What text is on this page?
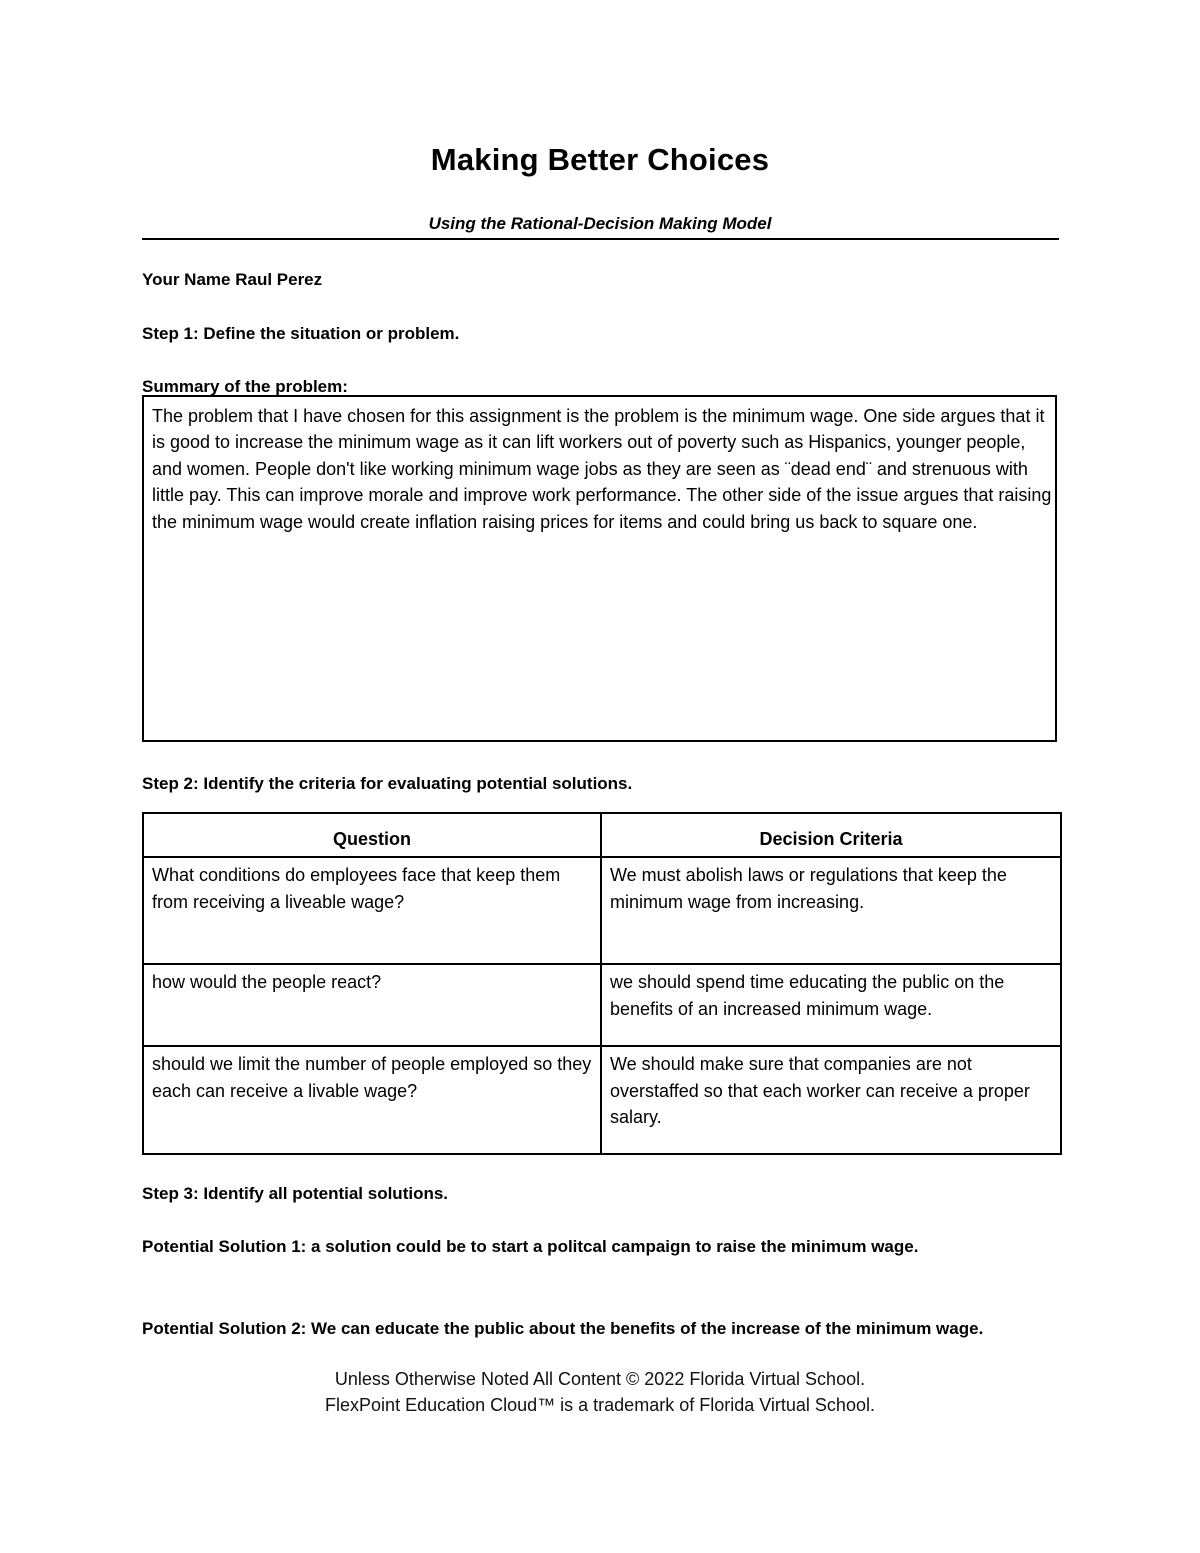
Making Better Choices
Using the Rational-Decision Making Model
Your Name Raul Perez
Step 1: Define the situation or problem.
Summary of the problem:
The problem that I have chosen for this assignment is the problem is the minimum wage. One side argues that it is good to increase the minimum wage as it can lift workers out of poverty such as Hispanics, younger people, and women. People don't like working minimum wage jobs as they are seen as ¨dead end¨ and strenuous with little pay. This can improve morale and improve work performance. The other side of the issue argues that raising the minimum wage would create inflation raising prices for items and could bring us back to square one.
Step 2: Identify the criteria for evaluating potential solutions.
Question	Decision Criteria
What conditions do employees face that keep them from receiving a liveable wage?	We must abolish laws or regulations that keep the minimum wage from increasing.
how would the people react?	we should spend time educating the public on the benefits of an increased minimum wage.
should we limit the number of people employed so they each can receive a livable wage?	We should make sure that companies are not overstaffed so that each worker can receive a proper salary.
Step 3: Identify all potential solutions.
Potential Solution 1: a solution could be to start a politcal campaign to raise the minimum wage.
Potential Solution 2: We can educate the public about the benefits of the increase of the minimum wage.
Unless Otherwise Noted All Content © 2022 Florida Virtual School.
FlexPoint Education Cloud™ is a trademark of Florida Virtual School.
